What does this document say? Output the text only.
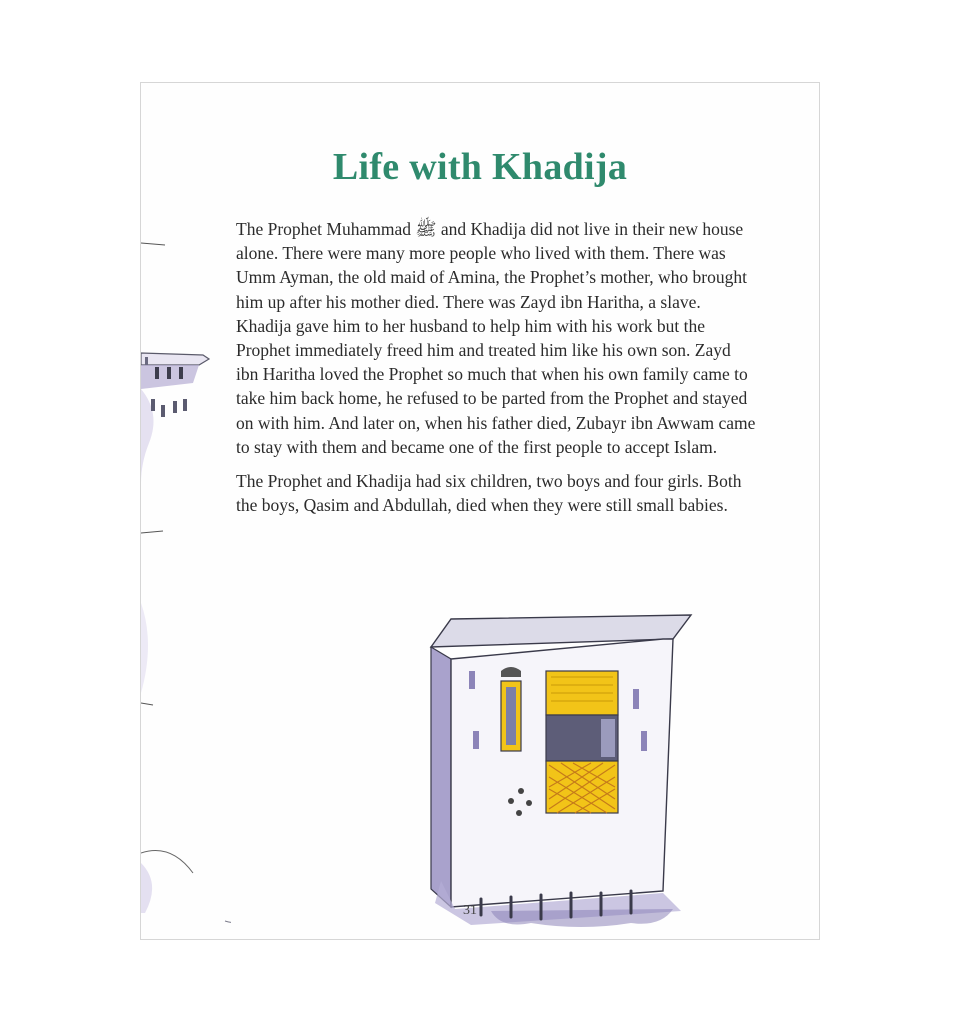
Life with Khadija

The Prophet Muhammad ﷺ and Khadija did not live in their new house alone. There were many more people who lived with them. There was Umm Ayman, the old maid of Amina, the Prophet’s mother, who brought him up after his mother died. There was Zayd ibn Haritha, a slave. Khadija gave him to her husband to help him with his work but the Prophet immediately freed him and treated him like his own son. Zayd ibn Haritha loved the Prophet so much that when his own family came to take him back home, he refused to be parted from the Prophet and stayed on with him. And later on, when his father died, Zubayr ibn Awwam came to stay with them and became one of the first people to accept Islam.

The Prophet and Khadija had six children, two boys and four girls. Both the boys, Qasim and Abdullah, died when they were still small babies.

31
